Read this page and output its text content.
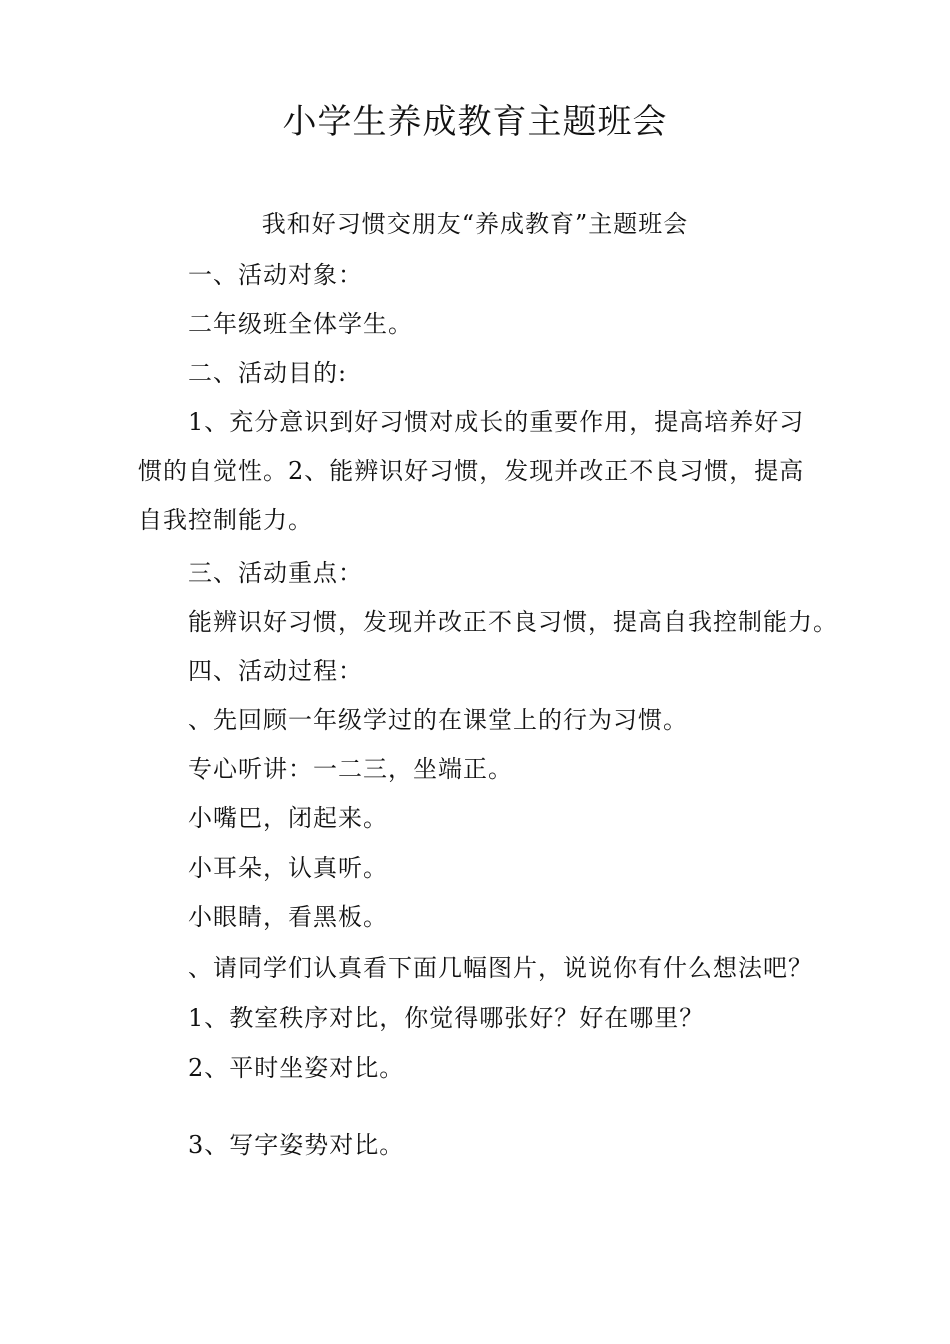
小学生养成教育主题班会

我和好习惯交朋友“养成教育”主题班会

一、活动对象：

二年级班全体学生。

二、活动目的:

1、充分意识到好习惯对成长的重要作用，提高培养好习

惯的自觉性。2、能辨识好习惯，发现并改正不良习惯，提高

自我控制能力。

三、活动重点：

能辨识好习惯，发现并改正不良习惯，提高自我控制能力。

四、活动过程：

、先回顾一年级学过的在课堂上的行为习惯。

专心听讲：一二三，坐端正。

小嘴巴，闭起来。

小耳朵，认真听。

小眼睛，看黑板。

、请同学们认真看下面几幅图片，说说你有什么想法吧？

1、教室秩序对比，你觉得哪张好？好在哪里？

2、平时坐姿对比。

3、写字姿势对比。
